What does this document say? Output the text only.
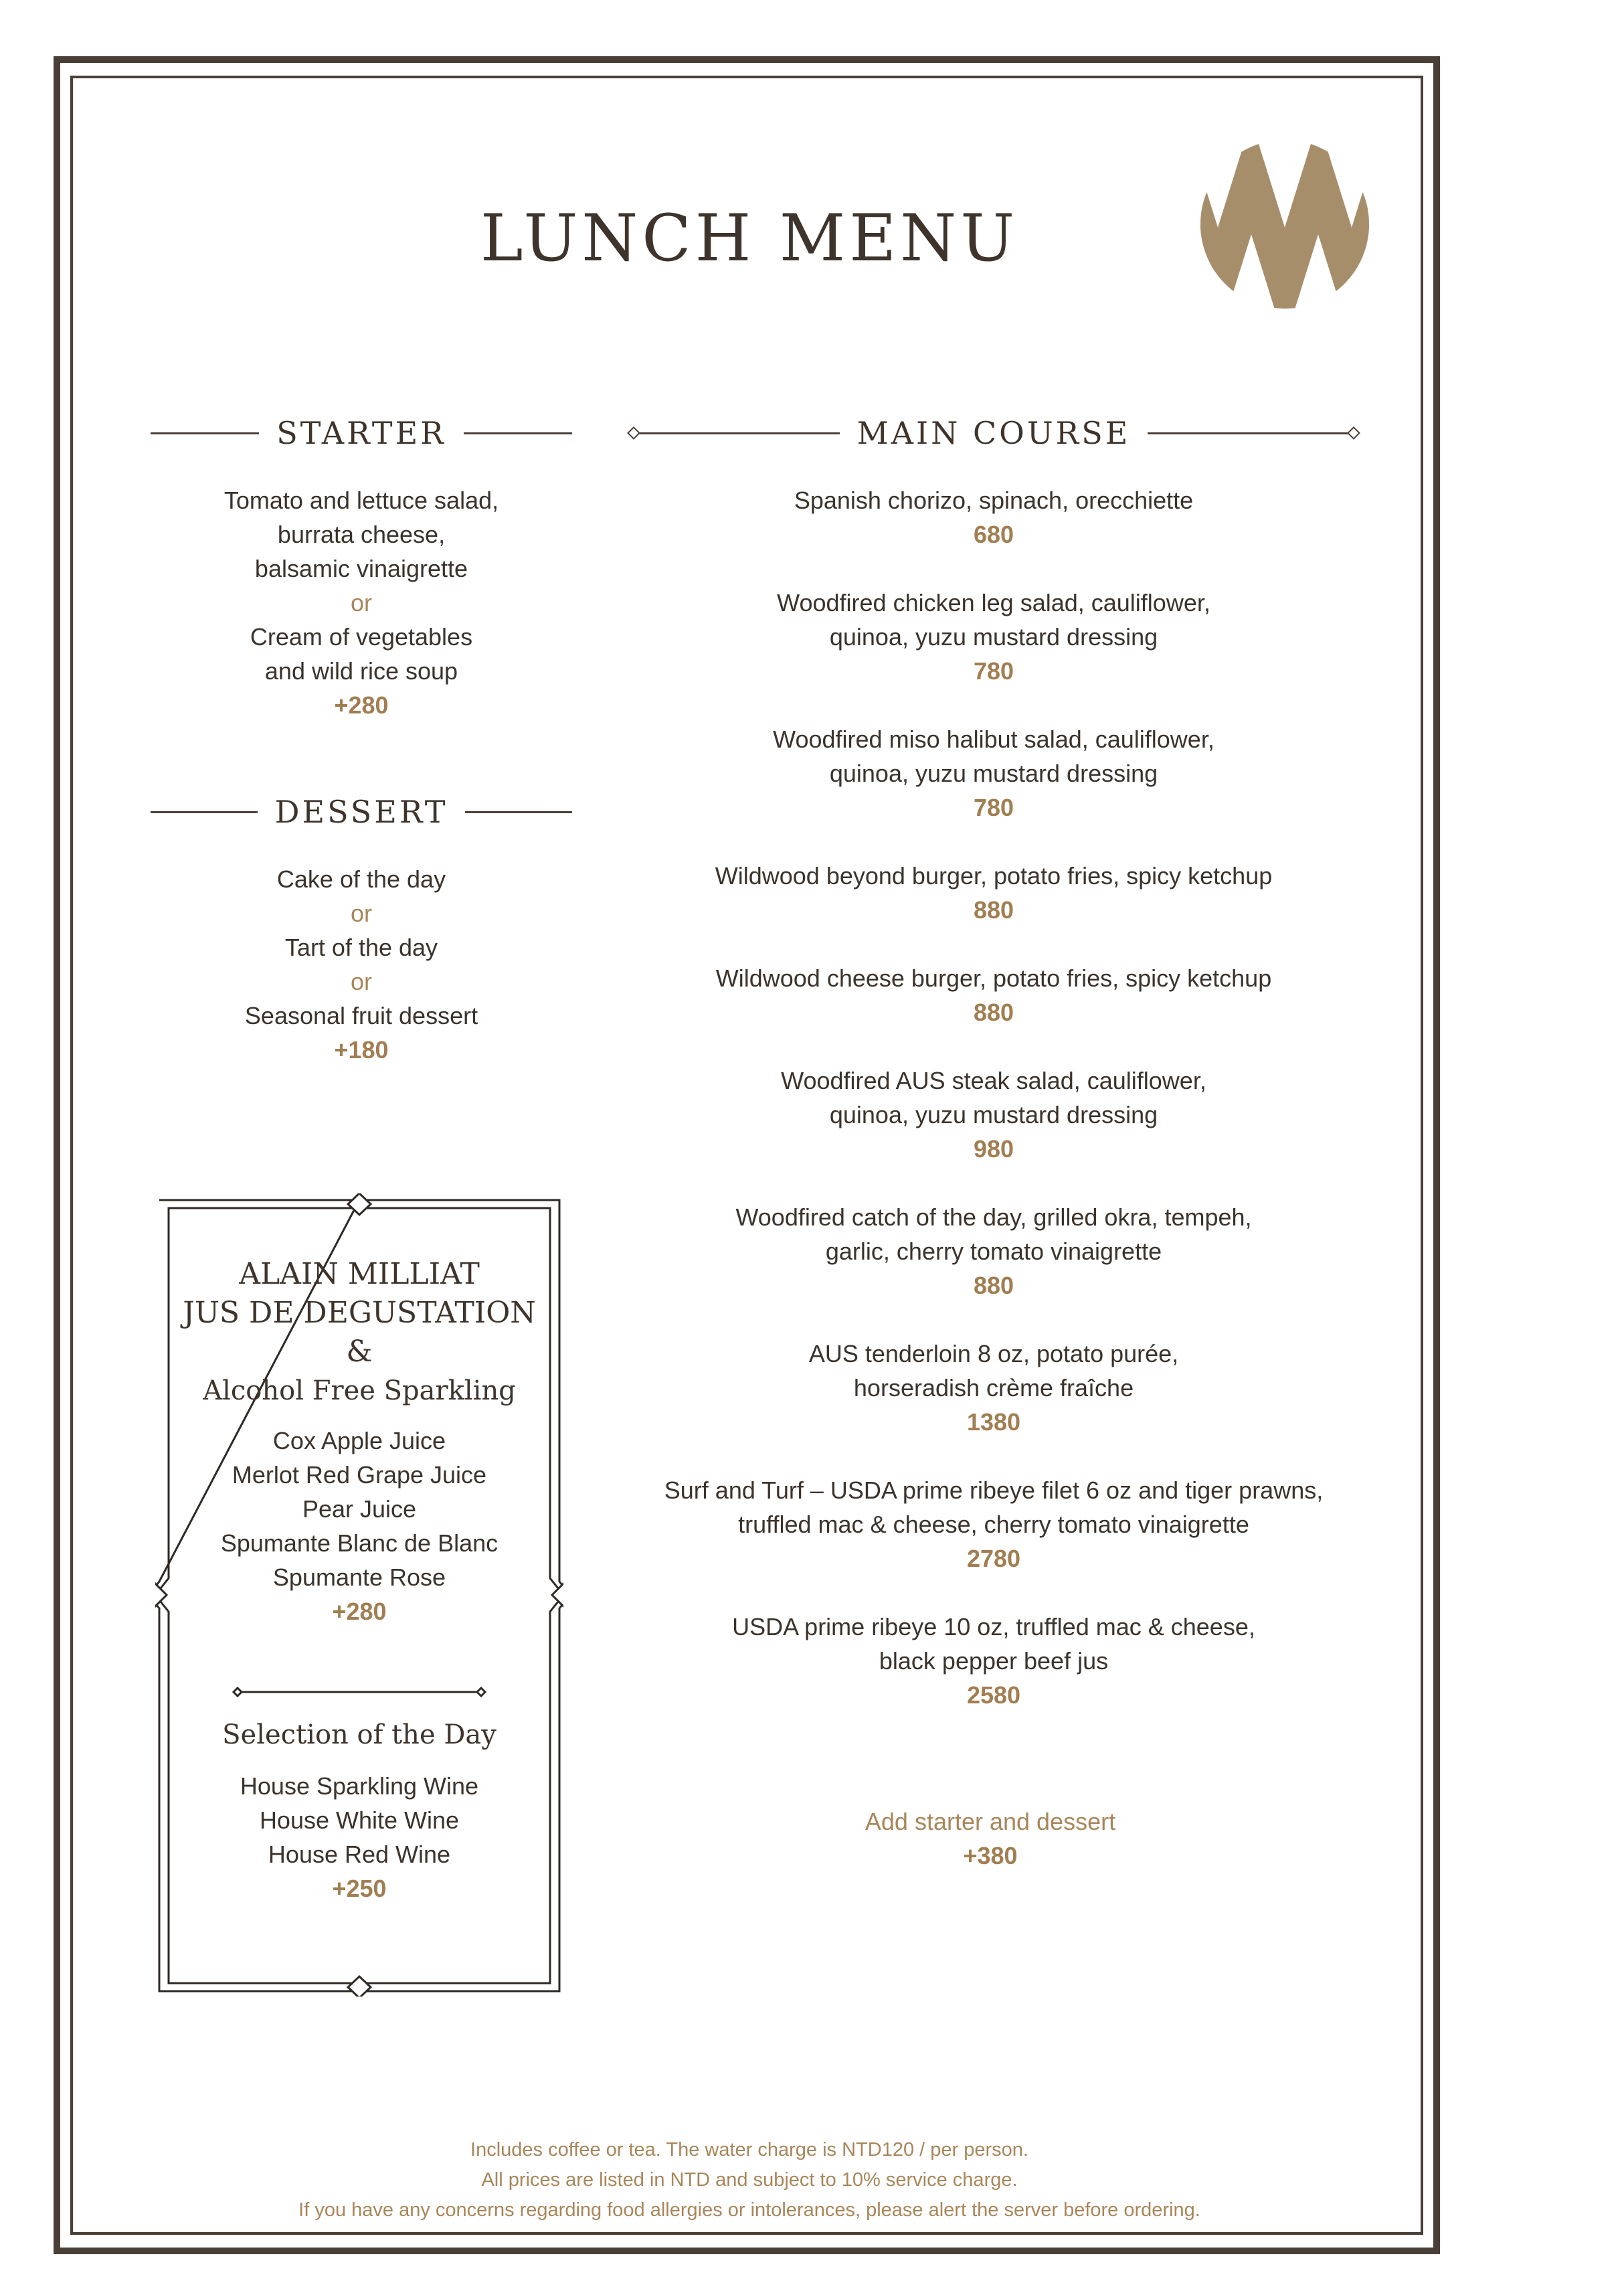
LUNCH MENU
STARTER
Tomato and lettuce salad,
burrata cheese,
balsamic vinaigrette
or
Cream of vegetables
and wild rice soup
+280
DESSERT
Cake of the day
or
Tart of the day
or
Seasonal fruit dessert
+180
MAIN COURSE
Spanish chorizo, spinach, orecchiette
680
Woodfired chicken leg salad, cauliflower,
quinoa, yuzu mustard dressing
780
Woodfired miso halibut salad, cauliflower,
quinoa, yuzu mustard dressing
780
Wildwood beyond burger, potato fries, spicy ketchup
880
Wildwood cheese burger, potato fries, spicy ketchup
880
Woodfired AUS steak salad, cauliflower,
quinoa, yuzu mustard dressing
980
Woodfired catch of the day, grilled okra, tempeh,
garlic, cherry tomato vinaigrette
880
AUS tenderloin 8 oz, potato purée,
horseradish crème fraîche
1380
Surf and Turf – USDA prime ribeye filet 6 oz and tiger prawns,
truffled mac & cheese, cherry tomato vinaigrette
2780
USDA prime ribeye 10 oz, truffled mac & cheese,
black pepper beef jus
2580
Add starter and dessert
+380
ALAIN MILLIAT
JUS DE DEGUSTATION
&
Alcohol Free Sparkling
Cox Apple Juice
Merlot Red Grape Juice
Pear Juice
Spumante Blanc de Blanc
Spumante Rose
+280
Selection of the Day
House Sparkling Wine
House White Wine
House Red Wine
+250
Includes coffee or tea. The water charge is NTD120 / per person.
All prices are listed in NTD and subject to 10% service charge.
If you have any concerns regarding food allergies or intolerances, please alert the server before ordering.
